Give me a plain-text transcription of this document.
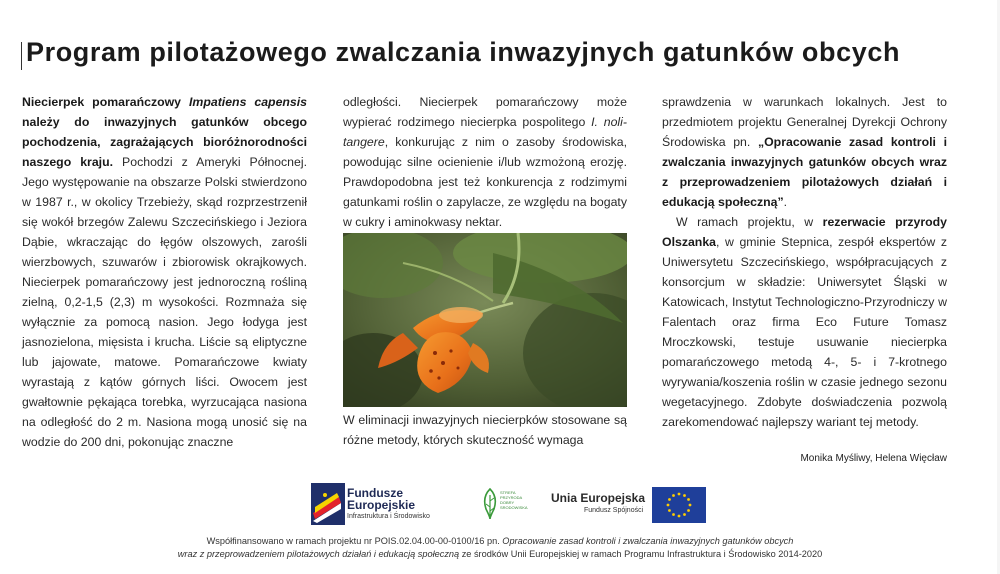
Program pilotażowego zwalczania inwazyjnych gatunków obcych

Niecierpek pomarańczowy Impatiens capensis należy do inwazyjnych gatunków obcego pochodzenia, zagrażających bioróżnorodności naszego kraju. Pochodzi z Ameryki Północnej. Jego występowanie na obszarze Polski stwierdzono w 1987 r., w okolicy Trzebieży, skąd rozprzestrzenił się wokół brzegów Zalewu Szczecińskiego i Jeziora Dąbie, wkraczając do łęgów olszowych, zarośli wierzbowych, szuwarów i zbiorowisk okrajkowych. Niecierpek pomarańczowy jest jednoroczną rośliną zielną, 0,2-1,5 (2,3) m wysokości. Rozmnaża się wyłącznie za pomocą nasion. Jego łodyga jest jasnozielona, mięsista i krucha. Liście są eliptyczne lub jajowate, matowe. Pomarańczowe kwiaty wyrastają z kątów górnych liści. Owocem jest gwałtownie pękająca torebka, wyrzucająca nasiona na odległość do 2 m. Nasiona mogą unosić się na wodzie do 200 dni, pokonując znaczne

odległości. Niecierpek pomarańczowy może wypierać rodzimego niecierpka pospolitego I. noli-tangere, konkurując z nim o zasoby środowiska, powodując silne ocienienie i/lub wzmożoną erozję. Prawdopodobna jest też konkurencja z rodzimymi gatunkami roślin o zapylacze, ze względu na bogaty w cukry i aminokwasy nektar.

W eliminacji inwazyjnych niecierpków stosowane są różne metody, których skuteczność wymaga

sprawdzenia w warunkach lokalnych. Jest to przedmiotem projektu Generalnej Dyrekcji Ochrony Środowiska pn. „Opracowanie zasad kontroli i zwalczania inwazyjnych gatunków obcych wraz z przeprowadzeniem pilotażowych działań i edukacją społeczną”.

W ramach projektu, w rezerwacie przyrody Olszanka, w gminie Stepnica, zespół ekspertów z Uniwersytetu Szczecińskiego, współpracujących z konsorcjum w składzie: Uniwersytet Śląski w Katowicach, Instytut Technologiczno-Przyrodniczy w Falentach oraz firma Eco Future Tomasz Mroczkowski, testuje usuwanie niecierpka pomarańczowego metodą 4-, 5- i 7-krotnego wyrywania/koszenia roślin w czasie jednego sezonu wegetacyjnego. Zdobyte doświadczenia pozwolą zarekomendować najlepszy wariant tej metody.

Monika Myśliwy, Helena Więcław
Fundusze
Europejskie
Infrastruktura i Środowisko
STREFA PRZYRODA DOBRY SRODOWISKA
Unia Europejska
Fundusz Spójności
Współfinansowano w ramach projektu nr POIS.02.04.00-00-0100/16 pn. Opracowanie zasad kontroli i zwalczania inwazyjnych gatunków obcych
wraz z przeprowadzeniem pilotażowych działań i edukacją społeczną ze środków Unii Europejskiej w ramach Programu Infrastruktura i Środowisko 2014-2020
